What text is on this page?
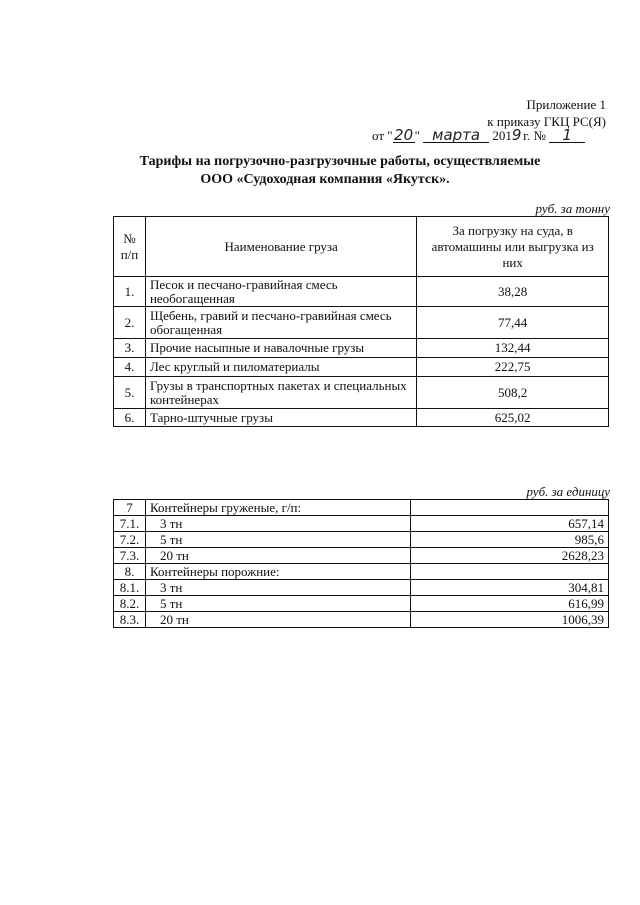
Приложение 1
к приказу ГКЦ РС(Я)
от "20" марта 2019 г. № 1
Тарифы на погрузочно-разгрузочные работы, осуществляемые
ООО «Судоходная компания «Якутск».
руб. за тонну
№ п/п	Наименование груза	За погрузку на суда, в автомашины или выгрузка из них
1.	Песок и песчано-гравийная смесь необогащенная	38,28
2.	Щебень, гравий и песчано-гравийная смесь обогащенная	77,44
3.	Прочие насыпные и навалочные грузы	132,44
4.	Лес круглый и пиломатериалы	222,75
5.	Грузы в транспортных пакетах и специальных контейнерах	508,2
6.	Тарно-штучные грузы	625,02
руб. за единицу
7	Контейнеры груженые, г/п:	
7.1.	3 тн	657,14
7.2.	5 тн	985,6
7.3.	20 тн	2628,23
8.	Контейнеры порожние:	
8.1.	3 тн	304,81
8.2.	5 тн	616,99
8.3.	20 тн	1006,39
